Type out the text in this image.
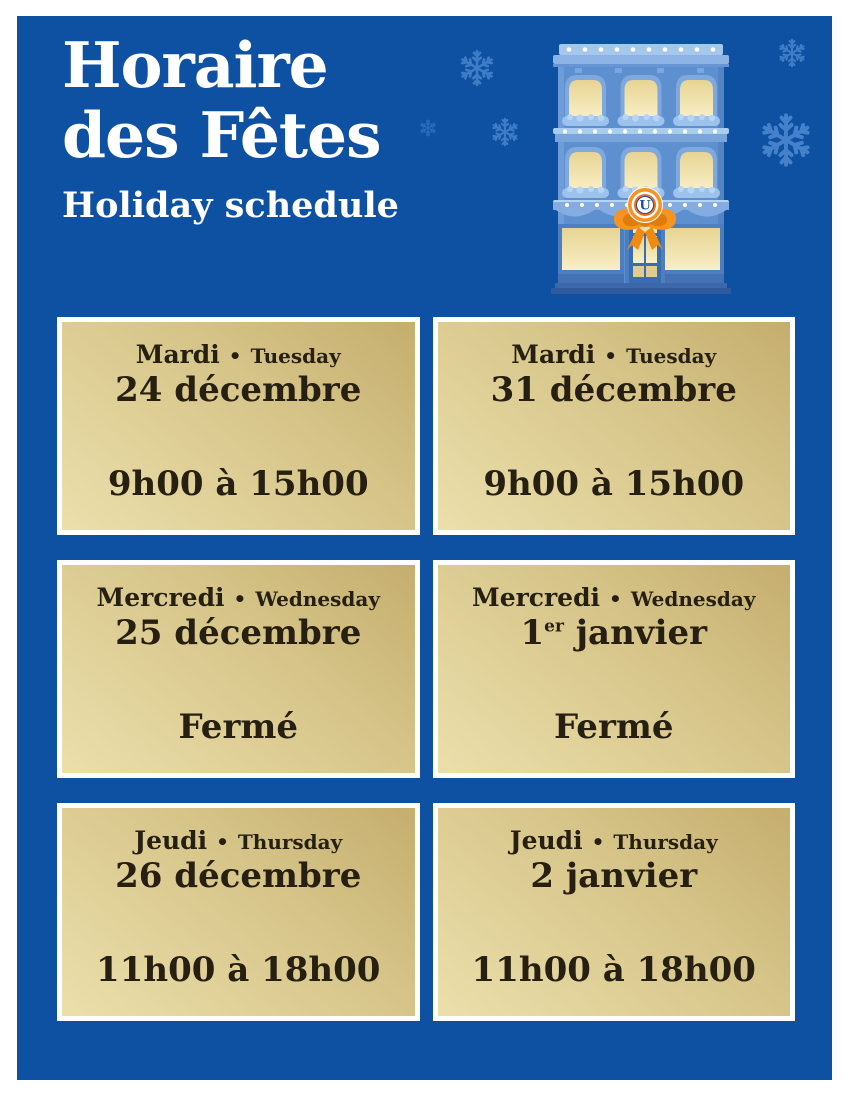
Horaire
des Fêtes
Holiday schedule	U
Mardi • Tuesday
24 décembre
9h00 à 15h00
Mardi • Tuesday
31 décembre
9h00 à 15h00
Mercredi • Wednesday
25 décembre
Fermé
Mercredi • Wednesday
1er janvier
Fermé
Jeudi • Thursday
26 décembre
11h00 à 18h00
Jeudi • Thursday
2 janvier
11h00 à 18h00
